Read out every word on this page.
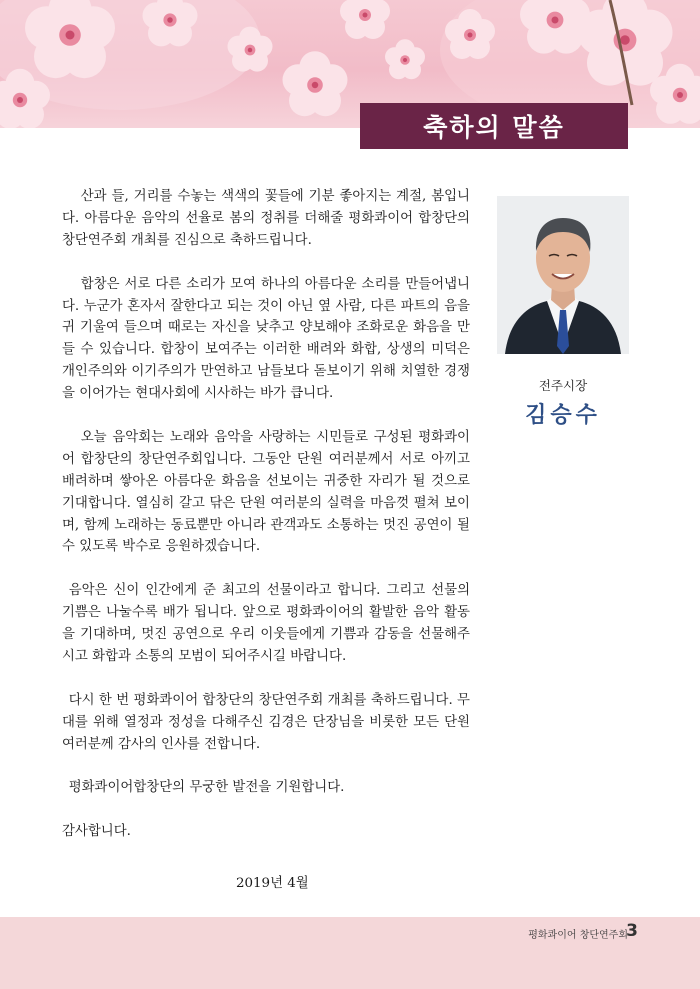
축하의 말씀

산과 들, 거리를 수놓는 색색의 꽃들에 기분 좋아지는 계절, 봄입니다. 아름다운 음악의 선율로 봄의 정취를 더해줄 평화콰이어 합창단의 창단연주회 개최를 진심으로 축하드립니다.

합창은 서로 다른 소리가 모여 하나의 아름다운 소리를 만들어냅니다. 누군가 혼자서 잘한다고 되는 것이 아닌 옆 사람, 다른 파트의 음을 귀 기울여 들으며 때로는 자신을 낮추고 양보해야 조화로운 화음을 만들 수 있습니다. 합창이 보여주는 이러한 배려와 화합, 상생의 미덕은 개인주의와 이기주의가 만연하고 남들보다 돋보이기 위해 치열한 경쟁을 이어가는 현대사회에 시사하는 바가 큽니다.

오늘 음악회는 노래와 음악을 사랑하는 시민들로 구성된 평화콰이어 합창단의 창단연주회입니다. 그동안 단원 여러분께서 서로 아끼고 배려하며 쌓아온 아름다운 화음을 선보이는 귀중한 자리가 될 것으로 기대합니다. 열심히 갈고 닦은 단원 여러분의 실력을 마음껏 펼쳐 보이며, 함께 노래하는 동료뿐만 아니라 관객과도 소통하는 멋진 공연이 될 수 있도록 박수로 응원하겠습니다.

음악은 신이 인간에게 준 최고의 선물이라고 합니다. 그리고 선물의 기쁨은 나눌수록 배가 됩니다. 앞으로 평화콰이어의 활발한 음악 활동을 기대하며, 멋진 공연으로 우리 이웃들에게 기쁨과 감동을 선물해주시고 화합과 소통의 모범이 되어주시길 바랍니다.

다시 한 번 평화콰이어 합창단의 창단연주회 개최를 축하드립니다. 무대를 위해 열정과 정성을 다해주신 김경은 단장님을 비롯한 모든 단원 여러분께 감사의 인사를 전합니다.

평화콰이어합창단의 무궁한 발전을 기원합니다.

감사합니다.

2019년 4월
전주시장
김승수
평화콰이어 창단연주회
3
